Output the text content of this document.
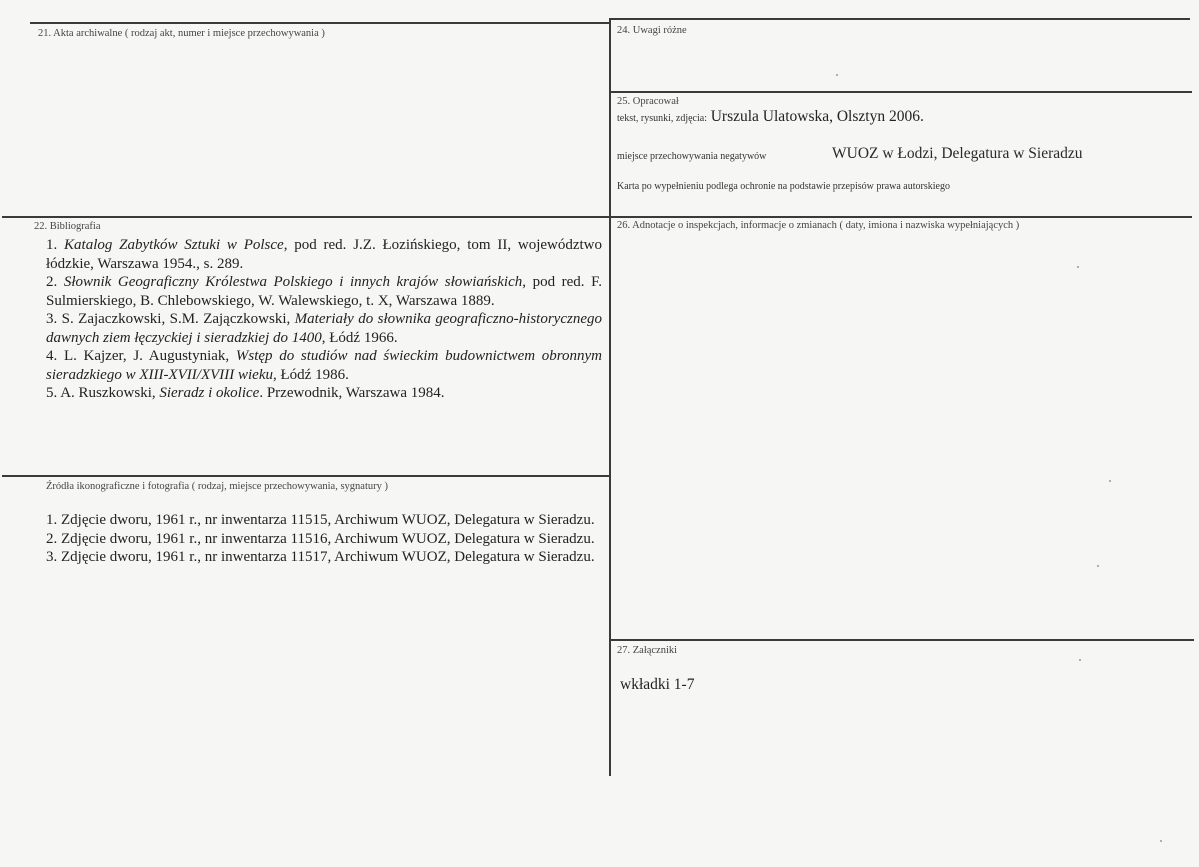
21. Akta archiwalne ( rodzaj akt, numer i miejsce przechowywania )	24. Uwagi różne
25. Opracował
tekst, rysunki, zdjęcia: Urszula Ulatowska, Olsztyn 2006.
miejsce przechowywania negatywów	WUOZ w Łodzi, Delegatura w Sieradzu
Karta po wypełnieniu podlega ochronie na podstawie przepisów prawa autorskiego
22. Bibliografia

1. Katalog Zabytków Sztuki w Polsce, pod red. J.Z. Łozińskiego, tom II, województwo łódzkie, Warszawa 1954., s. 289.

2. Słownik Geograficzny Królestwa Polskiego i innych krajów słowiańskich, pod red. F. Sulmierskiego, B. Chlebowskiego, W. Walewskiego, t. X, Warszawa 1889.

3. S. Zajaczkowski, S.M. Zajączkowski, Materiały do słownika geograficzno-historycznego dawnych ziem łęczyckiej i sieradzkiej do 1400, Łódź 1966.

4. L. Kajzer, J. Augustyniak, Wstęp do studiów nad świeckim budownictwem obronnym sieradzkiego w XIII-XVII/XVIII wieku, Łódź 1986.

5. A. Ruszkowski, Sieradz i okolice. Przewodnik, Warszawa 1984.

Źródła ikonograficzne i fotografia ( rodzaj, miejsce przechowywania, sygnatury )

1. Zdjęcie dworu, 1961 r., nr inwentarza 11515, Archiwum WUOZ, Delegatura w Sieradzu.

2. Zdjęcie dworu, 1961 r., nr inwentarza 11516, Archiwum WUOZ, Delegatura w Sieradzu.

3. Zdjęcie dworu, 1961 r., nr inwentarza 11517, Archiwum WUOZ, Delegatura w Sieradzu.

26. Adnotacje o inspekcjach, informacje o zmianach ( daty, imiona i nazwiska wypełniających )
27. Załączniki
wkładki 1-7
